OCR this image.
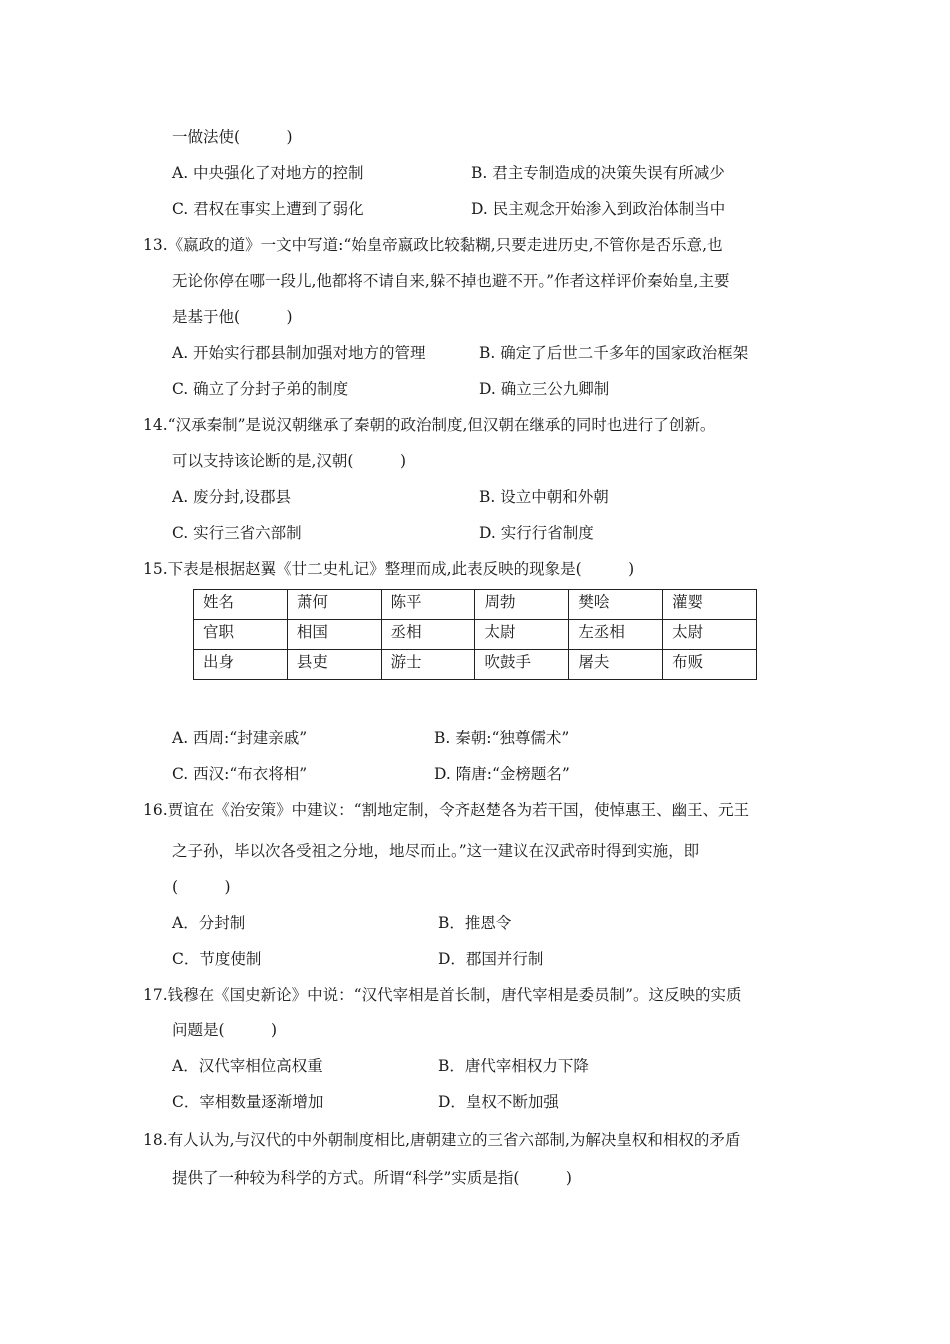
一做法使(　　　)
A. 中央强化了对地方的控制	B. 君主专制造成的决策失误有所减少
C. 君权在事实上遭到了弱化	D. 民主观念开始渗入到政治体制当中
13.《嬴政的道》一文中写道:“始皇帝嬴政比较黏糊,只要走进历史,不管你是否乐意,也
无论你停在哪一段儿,他都将不请自来,躲不掉也避不开。”作者这样评价秦始皇,主要
是基于他(　　　)
A. 开始实行郡县制加强对地方的管理	B. 确定了后世二千多年的国家政治框架
C. 确立了分封子弟的制度	D. 确立三公九卿制
14.“汉承秦制”是说汉朝继承了秦朝的政治制度,但汉朝在继承的同时也进行了创新。
可以支持该论断的是,汉朝(　　　)
A. 废分封,设郡县	B. 设立中朝和外朝
C. 实行三省六部制	D. 实行行省制度
15.下表是根据赵翼《廿二史札记》整理而成,此表反映的现象是(　　　)
姓名	萧何	陈平	周勃	樊哙	灌婴
官职	相国	丞相	太尉	左丞相	太尉
出身	县吏	游士	吹鼓手	屠夫	布贩
A. 西周:“封建亲戚”	B. 秦朝:“独尊儒术”
C. 西汉:“布衣将相”	D. 隋唐:“金榜题名”
16.贾谊在《治安策》中建议：“割地定制，令齐赵楚各为若干国，使悼惠王、幽王、元王
之子孙，毕以次各受祖之分地，地尽而止。”这一建议在汉武帝时得到实施，即
(　　　)
A．分封制	B．推恩令
C．节度使制	D．郡国并行制
17.钱穆在《国史新论》中说：“汉代宰相是首长制，唐代宰相是委员制”。这反映的实质
问题是(　　　)
A．汉代宰相位高权重	B．唐代宰相权力下降
C．宰相数量逐渐增加	D．皇权不断加强
18.有人认为,与汉代的中外朝制度相比,唐朝建立的三省六部制,为解决皇权和相权的矛盾
提供了一种较为科学的方式。所谓“科学”实质是指(　　　)
